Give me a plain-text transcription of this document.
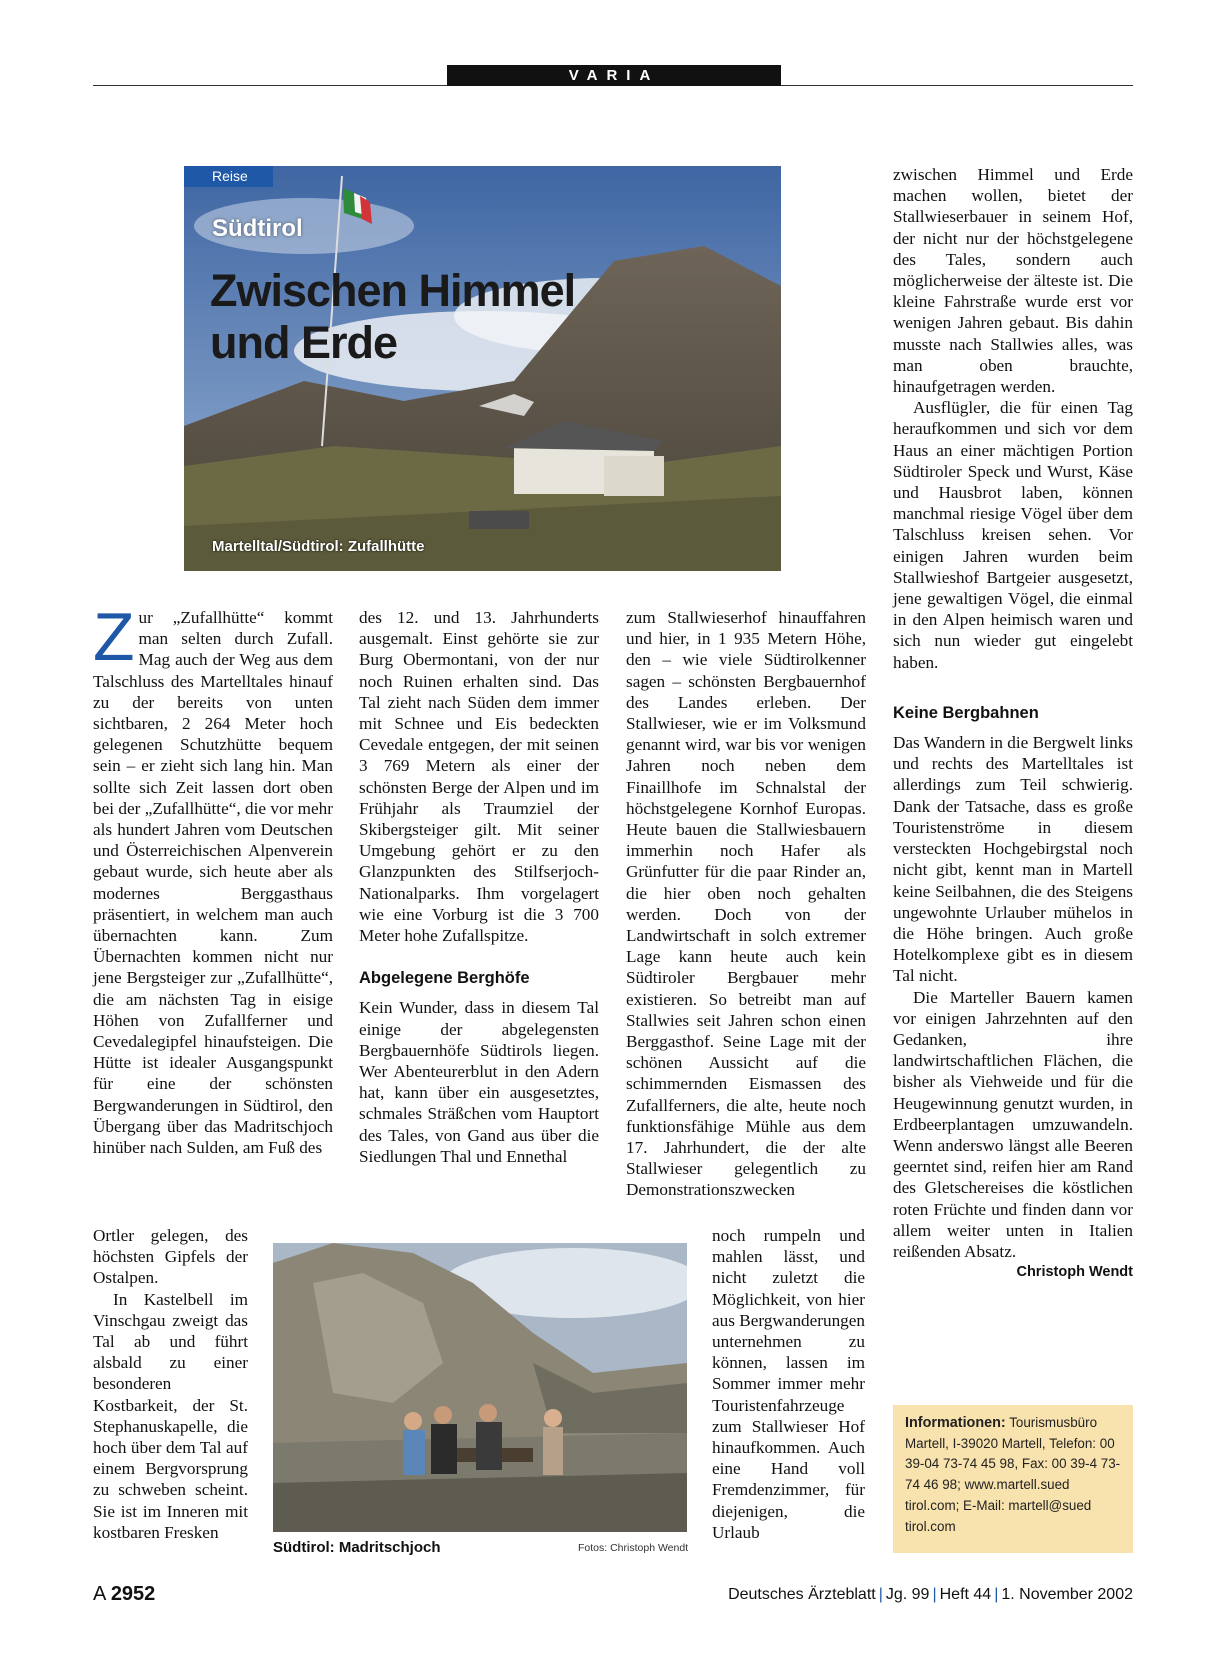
VARIA
Reise
Südtirol
Zwischen Himmel
und Erde
Martelltal/Südtirol: Zufallhütte

Z ur „Zufallhütte“ kommt man selten durch Zufall. Mag auch der Weg aus dem Talschluss des Martelltales hinauf zu der bereits von unten sichtbaren, 2 264 Meter hoch gelegenen Schutzhütte bequem sein – er zieht sich lang hin. Man sollte sich Zeit lassen dort oben bei der „Zufallhütte“, die vor mehr als hundert Jahren vom Deutschen und Österreichischen Alpenverein gebaut wurde, sich heute aber als modernes Berggasthaus präsentiert, in welchem man auch übernachten kann. Zum Übernachten kommen nicht nur jene Bergsteiger zur „Zufallhütte“, die am nächsten Tag in eisige Höhen von Zufallferner und Cevedalegipfel hinaufsteigen. Die Hütte ist idealer Ausgangspunkt für eine der schönsten Bergwanderungen in Südtirol, den Übergang über das Madritschjoch hinüber nach Sulden, am Fuß des

Ortler gelegen, des höchsten Gipfels der Ostalpen.

In Kastelbell im Vinschgau zweigt das Tal ab und führt alsbald zu einer besonderen Kostbarkeit, der St. Stephanuskapelle, die hoch über dem Tal auf einem Bergvorsprung zu schweben scheint. Sie ist im Inneren mit kostbaren Fresken

des 12. und 13. Jahrhunderts ausgemalt. Einst gehörte sie zur Burg Obermontani, von der nur noch Ruinen erhalten sind. Das Tal zieht nach Süden dem immer mit Schnee und Eis bedeckten Cevedale entgegen, der mit seinen 3 769 Metern als einer der schönsten Berge der Alpen und im Frühjahr als Traumziel der Skibergsteiger gilt. Mit seiner Umgebung gehört er zu den Glanzpunkten des Stilfserjoch-Nationalparks. Ihm vorgelagert wie eine Vorburg ist die 3 700 Meter hohe Zufallspitze.

Abgelegene Berghöfe

Kein Wunder, dass in diesem Tal einige der abgelegensten Bergbauernhöfe Südtirols liegen. Wer Abenteurerblut in den Adern hat, kann über ein ausgesetztes, schmales Sträßchen vom Hauptort des Tales, von Gand aus über die Siedlungen Thal und Ennethal

zum Stallwieserhof hinauffahren und hier, in 1 935 Metern Höhe, den – wie viele Südtirolkenner sagen – schönsten Bergbauernhof des Landes erleben. Der Stallwieser, wie er im Volksmund genannt wird, war bis vor wenigen Jahren noch neben dem Finaillhofe im Schnalstal der höchstgelegene Kornhof Europas. Heute bauen die Stallwiesbauern immerhin noch Hafer als Grünfutter für die paar Rinder an, die hier oben noch gehalten werden. Doch von der Landwirtschaft in solch extremer Lage kann heute auch kein Südtiroler Bergbauer mehr existieren. So betreibt man auf Stallwies seit Jahren schon einen Berggasthof. Seine Lage mit der schönen Aussicht auf die schimmernden Eismassen des Zufallferners, die alte, heute noch funktionsfähige Mühle aus dem 17. Jahrhundert, die der alte Stallwieser gelegentlich zu Demonstrationszwecken

noch rumpeln und mahlen lässt, und nicht zuletzt die Möglichkeit, von hier aus Bergwanderungen unternehmen zu können, lassen im Sommer immer mehr Touristenfahrzeuge zum Stallwieser Hof hinaufkommen. Auch eine Hand voll Fremdenzimmer, für diejenigen, die Urlaub

zwischen Himmel und Erde machen wollen, bietet der Stallwieserbauer in seinem Hof, der nicht nur der höchstgelegene des Tales, sondern auch möglicherweise der älteste ist. Die kleine Fahrstraße wurde erst vor wenigen Jahren gebaut. Bis dahin musste nach Stallwies alles, was man oben brauchte, hinaufgetragen werden.

Ausflügler, die für einen Tag heraufkommen und sich vor dem Haus an einer mächtigen Portion Südtiroler Speck und Wurst, Käse und Hausbrot laben, können manchmal riesige Vögel über dem Talschluss kreisen sehen. Vor einigen Jahren wurden beim Stallwieshof Bartgeier ausgesetzt, jene gewaltigen Vögel, die einmal in den Alpen heimisch waren und sich nun wieder gut eingelebt haben.

Keine Bergbahnen

Das Wandern in die Bergwelt links und rechts des Martelltales ist allerdings zum Teil schwierig. Dank der Tatsache, dass es große Touristenströme in diesem versteckten Hochgebirgstal noch nicht gibt, kennt man in Martell keine Seilbahnen, die des Steigens ungewohnte Urlauber mühelos in die Höhe bringen. Auch große Hotelkomplexe gibt es in diesem Tal nicht.

Die Marteller Bauern kamen vor einigen Jahrzehnten auf den Gedanken, ihre landwirtschaftlichen Flächen, die bisher als Viehweide und für die Heugewinnung genutzt wurden, in Erdbeerplantagen umzuwandeln. Wenn anderswo längst alle Beeren geerntet sind, reifen hier am Rand des Gletschereises die köstlichen roten Früchte und finden dann vor allem weiter unten in Italien reißenden Absatz.
Christoph Wendt

Südtirol: Madritschjoch	Fotos: Christoph Wendt
Informationen: Tourismusbüro Martell, I-39020 Martell, Telefon: 00 39-04 73-74 45 98, Fax: 00 39-4 73-74 46 98; www.martell.sued tirol.com; E-Mail: martell@sued tirol.com
A 2952	Deutsches Ärzteblatt | Jg. 99 | Heft 44 | 1. November 2002
